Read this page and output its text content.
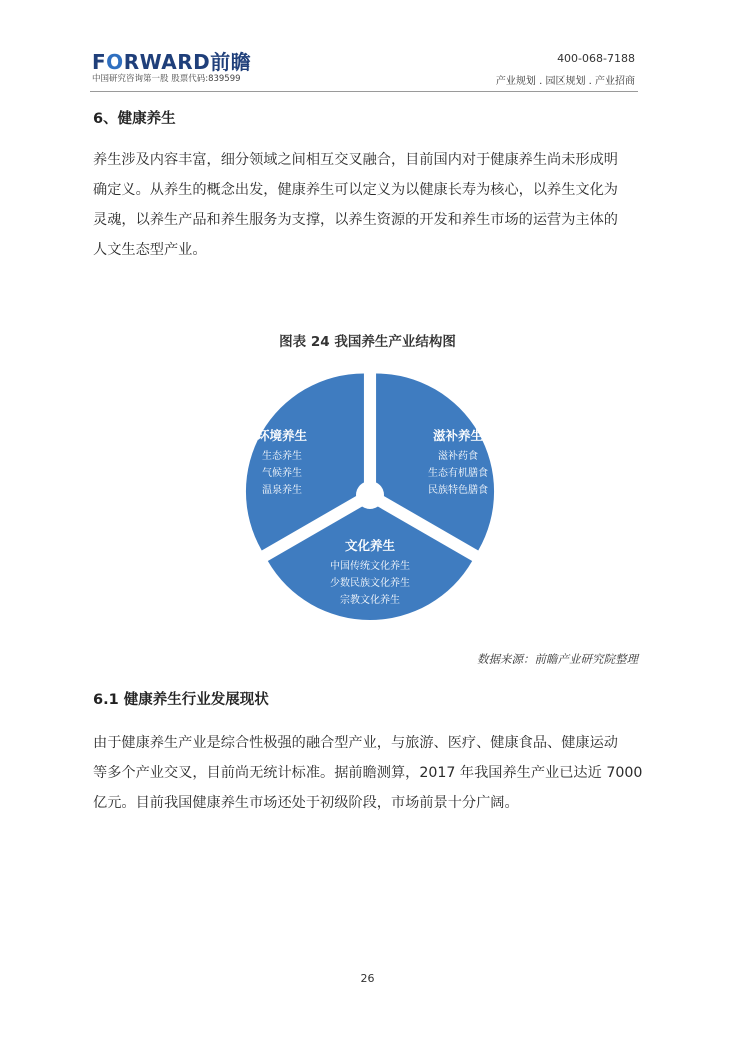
FORWARD前瞻
中国研究咨询第一股 股票代码:839599
400-068-7188
产业规划 . 园区规划 . 产业招商
6、健康养生
养生涉及内容丰富，细分领域之间相互交叉融合，目前国内对于健康养生尚未形成明
确定义。从养生的概念出发，健康养生可以定义为以健康长寿为核心，以养生文化为
灵魂，以养生产品和养生服务为支撑，以养生资源的开发和养生市场的运营为主体的
人文生态型产业。
图表 24 我国养生产业结构图
环境养生
生态养生
气候养生
温泉养生
滋补养生
滋补药食
生态有机膳食
民族特色膳食
文化养生
中国传统文化养生
少数民族文化养生
宗教文化养生
数据来源：前瞻产业研究院整理
6.1 健康养生行业发展现状
由于健康养生产业是综合性极强的融合型产业，与旅游、医疗、健康食品、健康运动
等多个产业交叉，目前尚无统计标准。据前瞻测算，2017 年我国养生产业已达近 7000
亿元。目前我国健康养生市场还处于初级阶段，市场前景十分广阔。
26
